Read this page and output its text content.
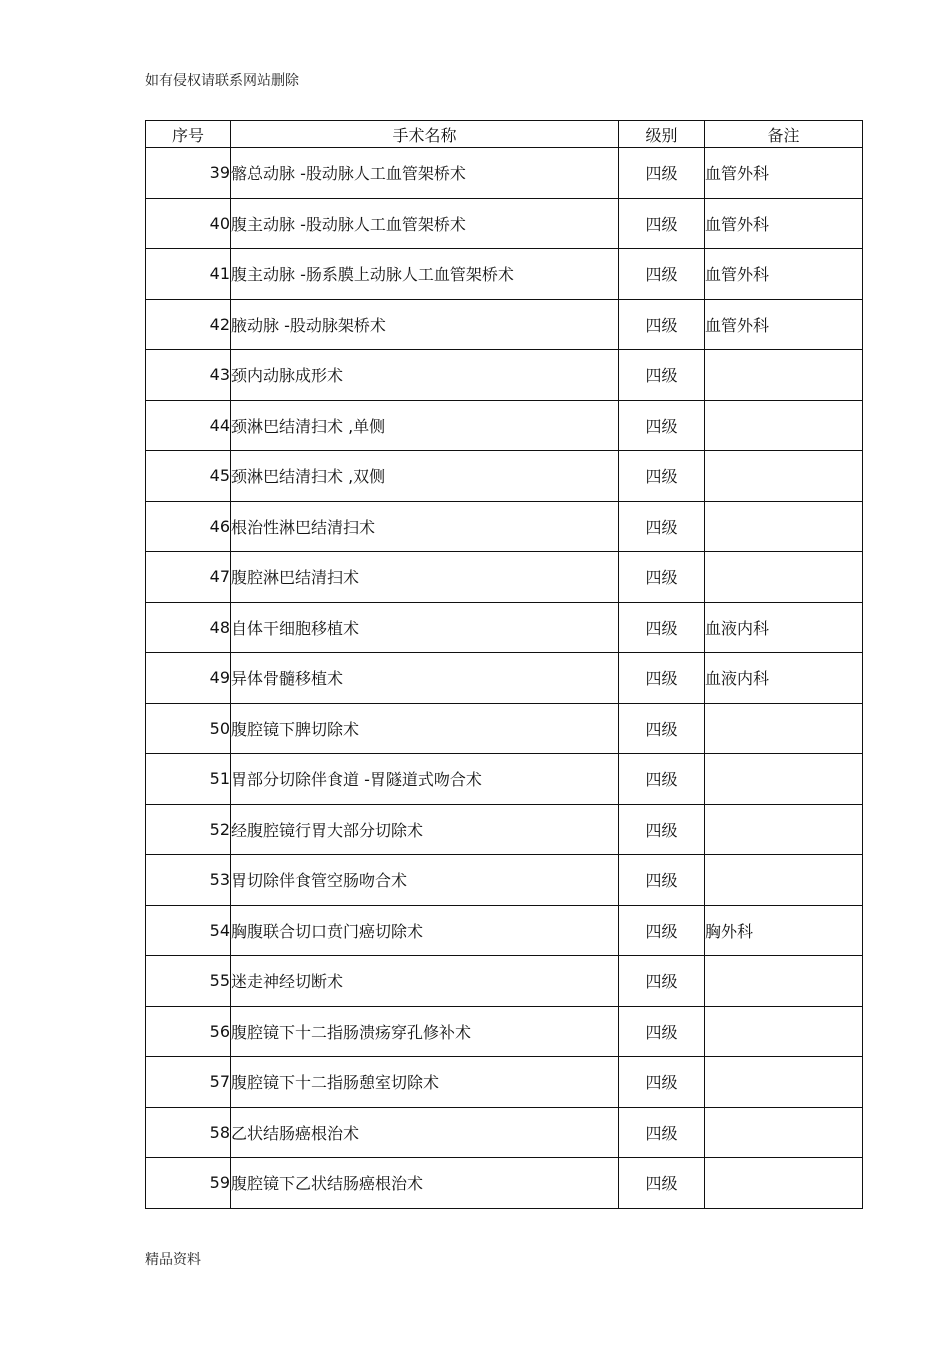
如有侵权请联系网站删除
序号	手术名称	级别	备注
39	髂总动脉 -股动脉人工血管架桥术	四级	血管外科
40	腹主动脉 -股动脉人工血管架桥术	四级	血管外科
41	腹主动脉 -肠系膜上动脉人工血管架桥术	四级	血管外科
42	腋动脉 -股动脉架桥术	四级	血管外科
43	颈内动脉成形术	四级	
44	颈淋巴结清扫术 ,单侧	四级	
45	颈淋巴结清扫术 ,双侧	四级	
46	根治性淋巴结清扫术	四级	
47	腹腔淋巴结清扫术	四级	
48	自体干细胞移植术	四级	血液内科
49	异体骨髓移植术	四级	血液内科
50	腹腔镜下脾切除术	四级	
51	胃部分切除伴食道 -胃隧道式吻合术	四级	
52	经腹腔镜行胃大部分切除术	四级	
53	胃切除伴食管空肠吻合术	四级	
54	胸腹联合切口贲门癌切除术	四级	胸外科
55	迷走神经切断术	四级	
56	腹腔镜下十二指肠溃疡穿孔修补术	四级	
57	腹腔镜下十二指肠憩室切除术	四级	
58	乙状结肠癌根治术	四级	
59	腹腔镜下乙状结肠癌根治术	四级	
精品资料
